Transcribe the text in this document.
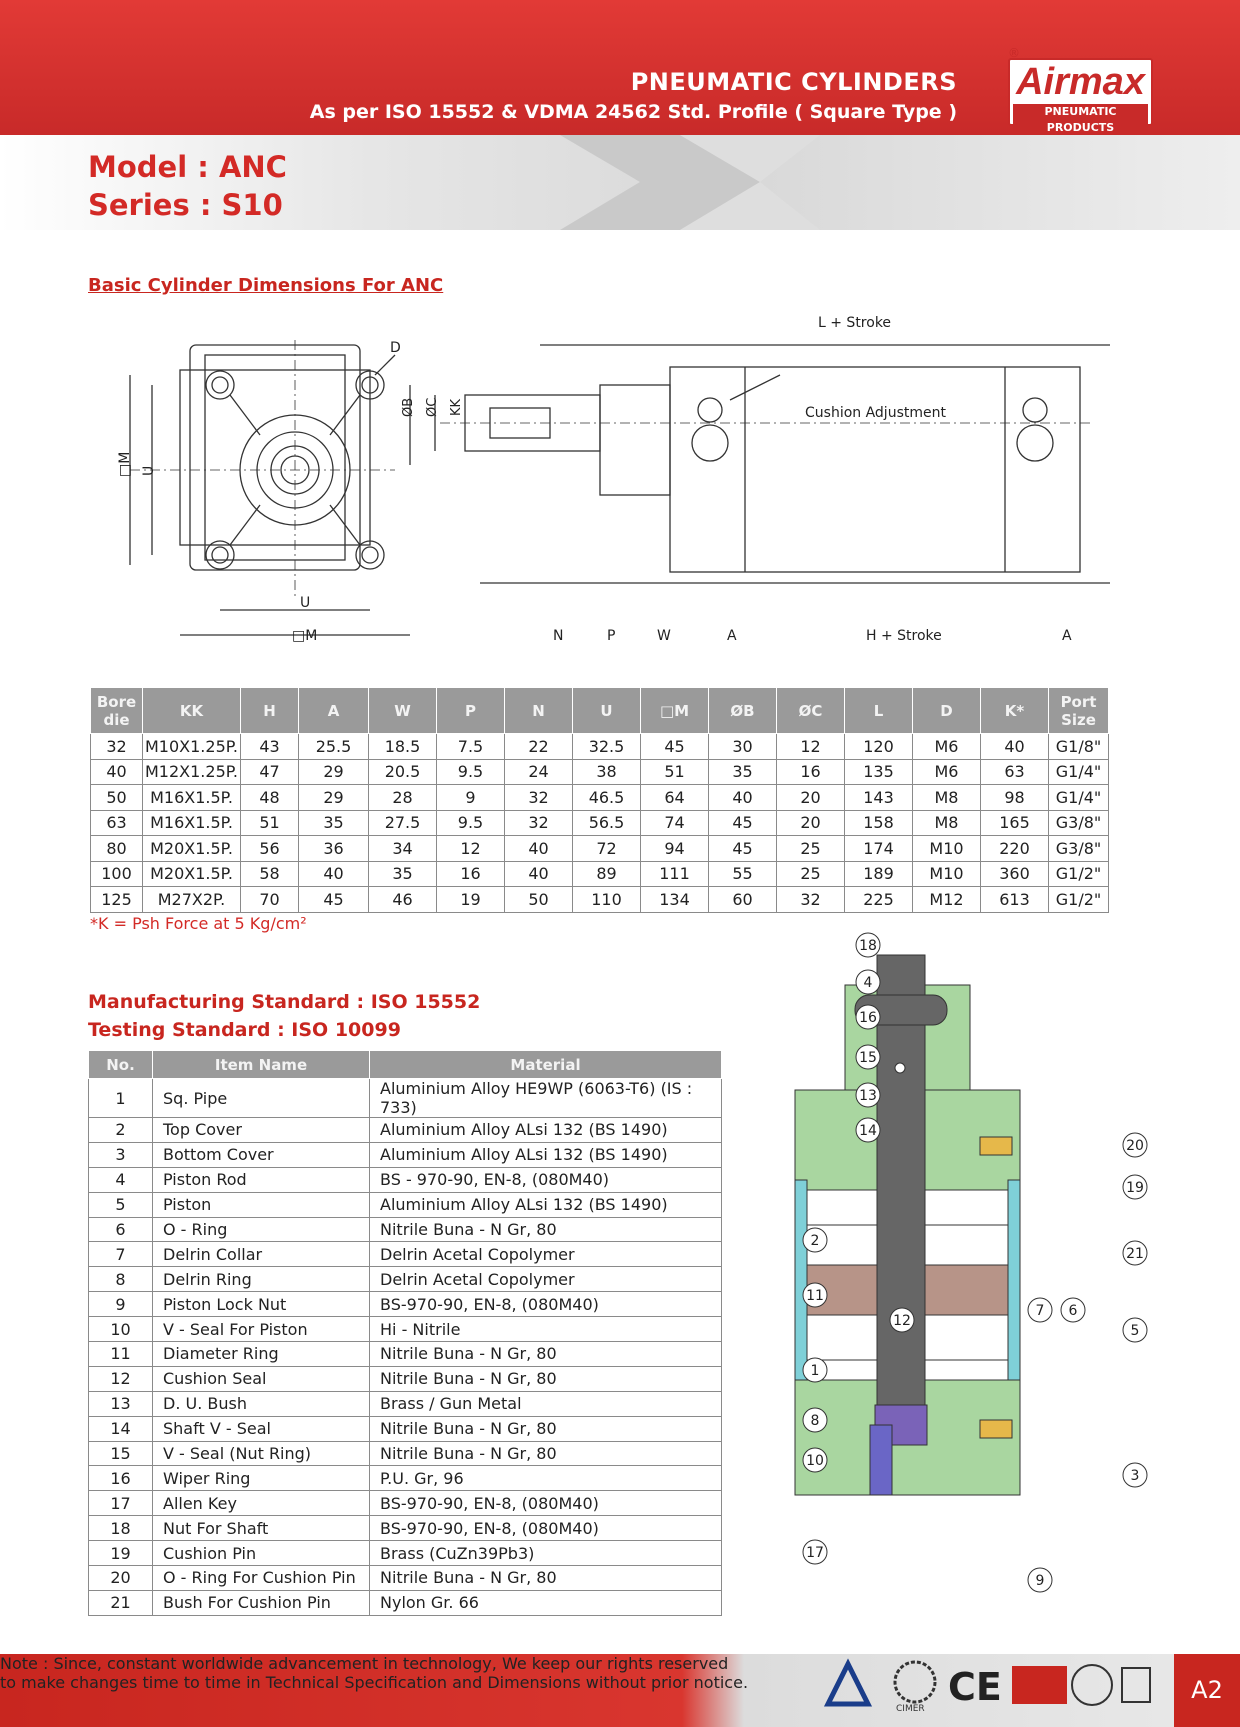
PNEUMATIC CYLINDERS
As per ISO 15552 & VDMA 24562 Std. Profile ( Square Type )
®
Airmax
PNEUMATIC PRODUCTS
Model : ANC
Series : S10
Basic Cylinder Dimensions For ANC
□M U
D
U
□M
ØB ØC KK
L + Stroke
Cushion Adjustment
N	P	W	A	H + Stroke	A
Bore
die	KK	H	A	W	P	N	U	□M	ØB	ØC	L	D	K*	Port
Size
32	M10X1.25P.	43	25.5	18.5	7.5	22	32.5	45	30	12	120	M6	40	G1/8"
40	M12X1.25P.	47	29	20.5	9.5	24	38	51	35	16	135	M6	63	G1/4"
50	M16X1.5P.	48	29	28	9	32	46.5	64	40	20	143	M8	98	G1/4"
63	M16X1.5P.	51	35	27.5	9.5	32	56.5	74	45	20	158	M8	165	G3/8"
80	M20X1.5P.	56	36	34	12	40	72	94	45	25	174	M10	220	G3/8"
100	M20X1.5P.	58	40	35	16	40	89	111	55	25	189	M10	360	G1/2"
125	M27X2P.	70	45	46	19	50	110	134	60	32	225	M12	613	G1/2"
*K = Psh Force at 5 Kg/cm²
Manufacturing Standard : ISO 15552
Testing Standard : ISO 10099
No.	Item Name	Material
1	Sq. Pipe	Aluminium Alloy HE9WP (6063-T6) (IS : 733)
2	Top Cover	Aluminium Alloy ALsi 132 (BS 1490)
3	Bottom Cover	Aluminium Alloy ALsi 132 (BS 1490)
4	Piston Rod	BS - 970-90, EN-8, (080M40)
5	Piston	Aluminium Alloy ALsi 132 (BS 1490)
6	O - Ring	Nitrile Buna - N Gr, 80
7	Delrin Collar	Delrin Acetal Copolymer
8	Delrin Ring	Delrin Acetal Copolymer
9	Piston Lock Nut	BS-970-90, EN-8, (080M40)
10	V - Seal For Piston	Hi - Nitrile
11	Diameter Ring	Nitrile Buna - N Gr, 80
12	Cushion Seal	Nitrile Buna - N Gr, 80
13	D. U. Bush	Brass / Gun Metal
14	Shaft V - Seal	Nitrile Buna - N Gr, 80
15	V - Seal (Nut Ring)	Nitrile Buna - N Gr, 80
16	Wiper Ring	P.U. Gr, 96
17	Allen Key	BS-970-90, EN-8, (080M40)
18	Nut For Shaft	BS-970-90, EN-8, (080M40)
19	Cushion Pin	Brass (CuZn39Pb3)
20	O - Ring For Cushion Pin	Nitrile Buna - N Gr, 80
21	Bush For Cushion Pin	Nylon Gr. 66
18
4
16
15
13
14
20
19
2
21
11
12
7 6
5
1
8
10
3
17
9
Note : Since, constant worldwide advancement in technology, We keep our rights reserved
to make changes time to time in Technical Specification and Dimensions without prior notice.
CIMER CE	A2
